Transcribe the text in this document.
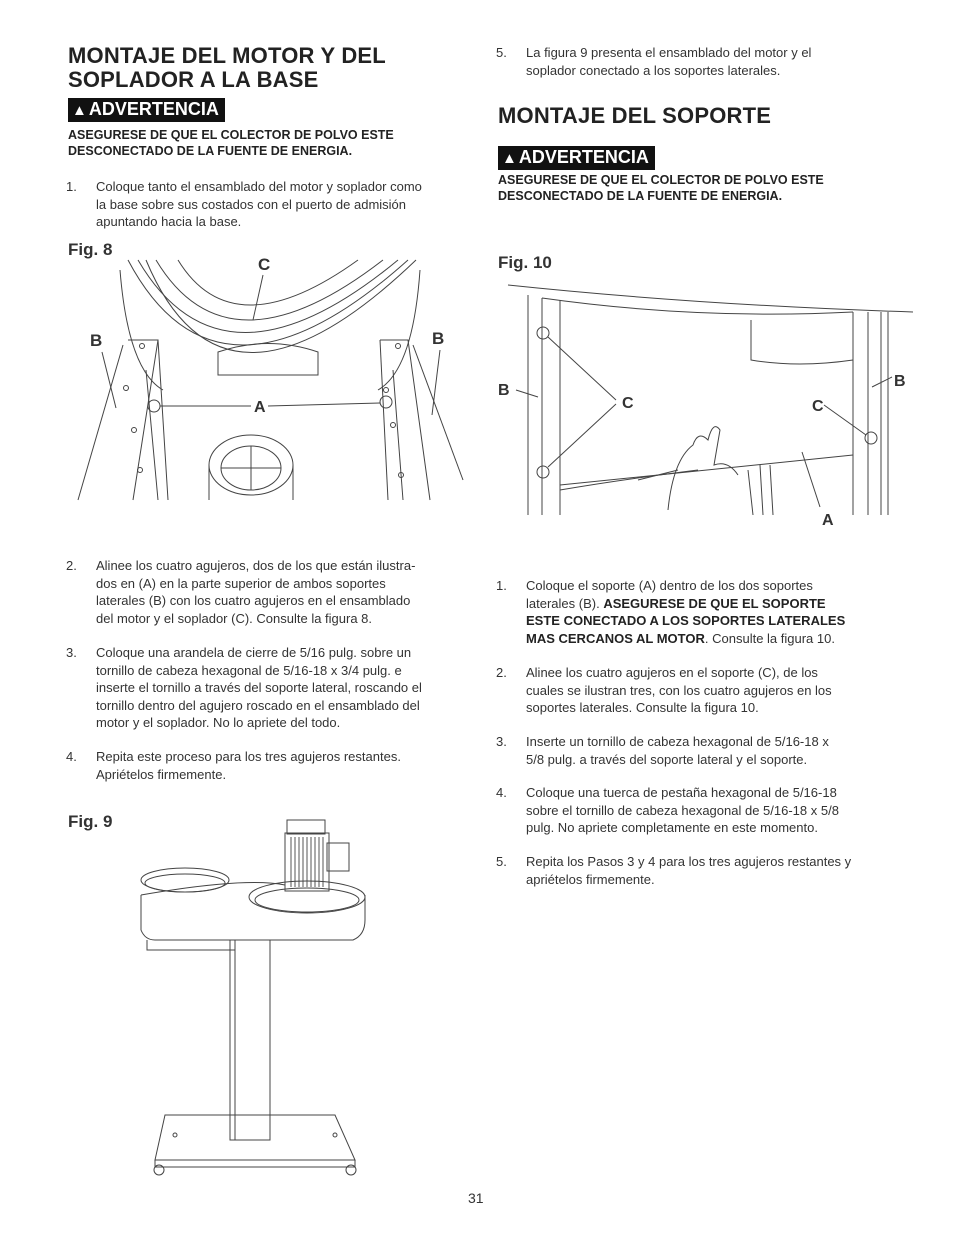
MONTAJE DEL MOTOR Y DEL
SOPLADOR A LA BASE
▲ ADVERTENCIA
ASEGURESE DE QUE EL COLECTOR DE POLVO ESTE
DESCONECTADO DE LA FUENTE DE ENERGIA.
1. Coloque tanto el ensamblado del motor y soplador como
la base sobre sus costados con el puerto de admisión
apuntando hacia la base.
Fig. 8
C
B	B
A
2. Alinee los cuatro agujeros, dos de los que están ilustra-
dos en (A) en la parte superior de ambos soportes
laterales (B) con los cuatro agujeros en el ensamblado
del motor y el soplador (C). Consulte la figura 8.
3. Coloque una arandela de cierre de 5/16 pulg. sobre un
tornillo de cabeza hexagonal de 5/16-18 x 3/4 pulg. e
inserte el tornillo a través del soporte lateral, roscando el
tornillo dentro del agujero roscado en el ensamblado del
motor y el soplador. No lo apriete del todo.
4. Repita este proceso para los tres agujeros restantes.
Apriételos firmemente.
Fig. 9
5. La figura 9 presenta el ensamblado del motor y el
soplador conectado a los soportes laterales.
MONTAJE DEL SOPORTE
▲ ADVERTENCIA
ASEGURESE DE QUE EL COLECTOR DE POLVO ESTE
DESCONECTADO DE LA FUENTE DE ENERGIA.
Fig. 10
B
C	C
B
A
1. Coloque el soporte (A) dentro de los dos soportes
laterales (B). ASEGURESE DE QUE EL SOPORTE
ESTE CONECTADO A LOS SOPORTES LATERALES
MAS CERCANOS AL MOTOR. Consulte la figura 10.
2. Alinee los cuatro agujeros en el soporte (C), de los
cuales se ilustran tres, con los cuatro agujeros en los
soportes laterales. Consulte la figura 10.
3. Inserte un tornillo de cabeza hexagonal de 5/16-18 x
5/8 pulg. a través del soporte lateral y el soporte.
4. Coloque una tuerca de pestaña hexagonal de 5/16-18
sobre el tornillo de cabeza hexagonal de 5/16-18 x 5/8
pulg. No apriete completamente en este momento.
5. Repita los Pasos 3 y 4 para los tres agujeros restantes y
apriételos firmemente.
31
